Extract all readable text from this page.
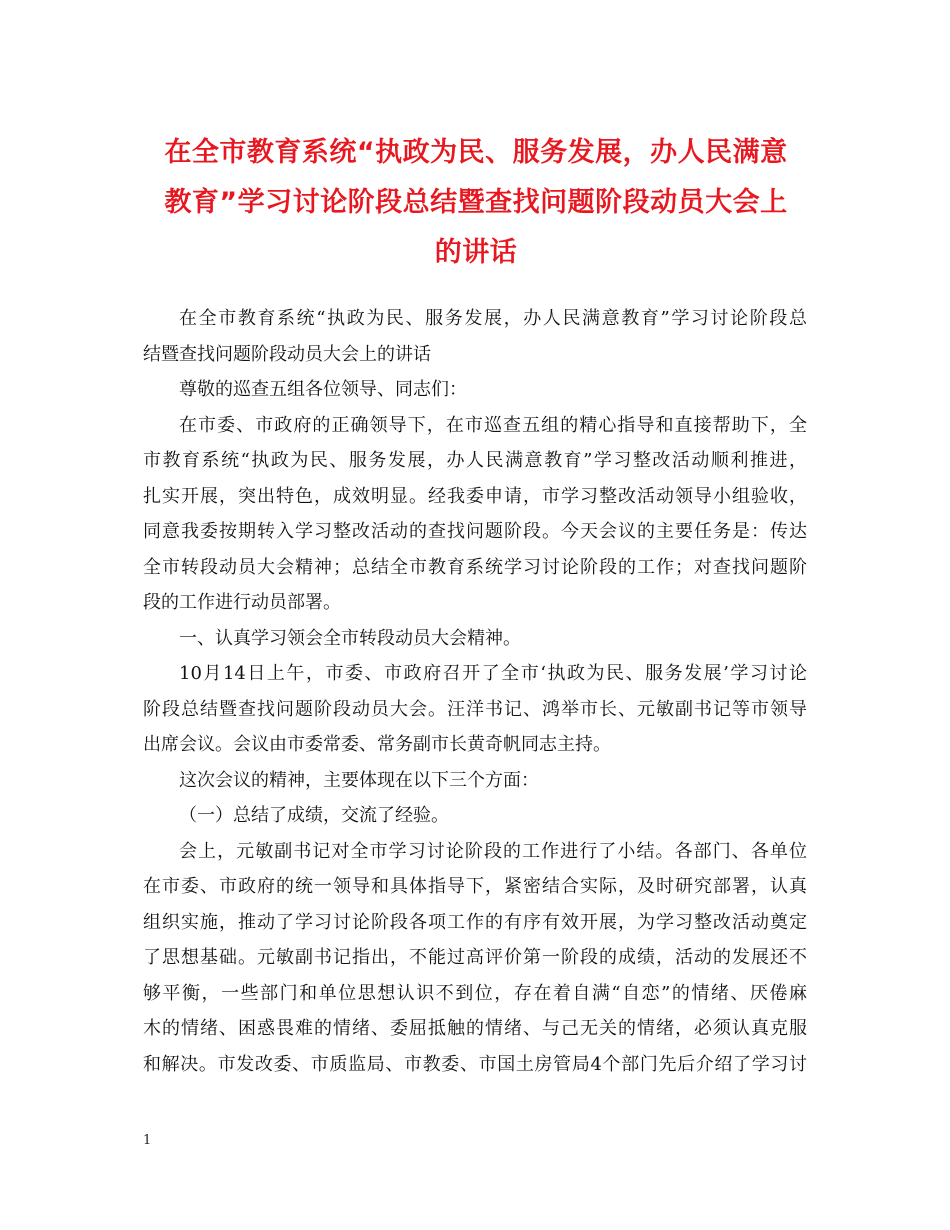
在全市教育系统“执政为民、服务发展，办人民满意
教育”学习讨论阶段总结暨查找问题阶段动员大会上
的讲话
在全市教育系统“执政为民、服务发展，办人民满意教育”学习讨论阶段总
结暨查找问题阶段动员大会上的讲话
尊敬的巡查五组各位领导、同志们：
在市委、市政府的正确领导下，在市巡查五组的精心指导和直接帮助下，全
市教育系统“执政为民、服务发展，办人民满意教育”学习整改活动顺利推进，
扎实开展，突出特色，成效明显。经我委申请，市学习整改活动领导小组验收，
同意我委按期转入学习整改活动的查找问题阶段。今天会议的主要任务是：传达
全市转段动员大会精神；总结全市教育系统学习讨论阶段的工作；对查找问题阶
段的工作进行动员部署。
一、认真学习领会全市转段动员大会精神。
10月14日上午，市委、市政府召开了全市‘执政为民、服务发展’学习讨论
阶段总结暨查找问题阶段动员大会。汪洋书记、鸿举市长、元敏副书记等市领导
出席会议。会议由市委常委、常务副市长黄奇帆同志主持。
这次会议的精神，主要体现在以下三个方面：
（一）总结了成绩，交流了经验。
会上，元敏副书记对全市学习讨论阶段的工作进行了小结。各部门、各单位
在市委、市政府的统一领导和具体指导下，紧密结合实际，及时研究部署，认真
组织实施，推动了学习讨论阶段各项工作的有序有效开展，为学习整改活动奠定
了思想基础。元敏副书记指出，不能过高评价第一阶段的成绩，活动的发展还不
够平衡，一些部门和单位思想认识不到位，存在着自满“自恋”的情绪、厌倦麻
木的情绪、困惑畏难的情绪、委屈抵触的情绪、与己无关的情绪，必须认真克服
和解决。市发改委、市质监局、市教委、市国土房管局4个部门先后介绍了学习讨
1
